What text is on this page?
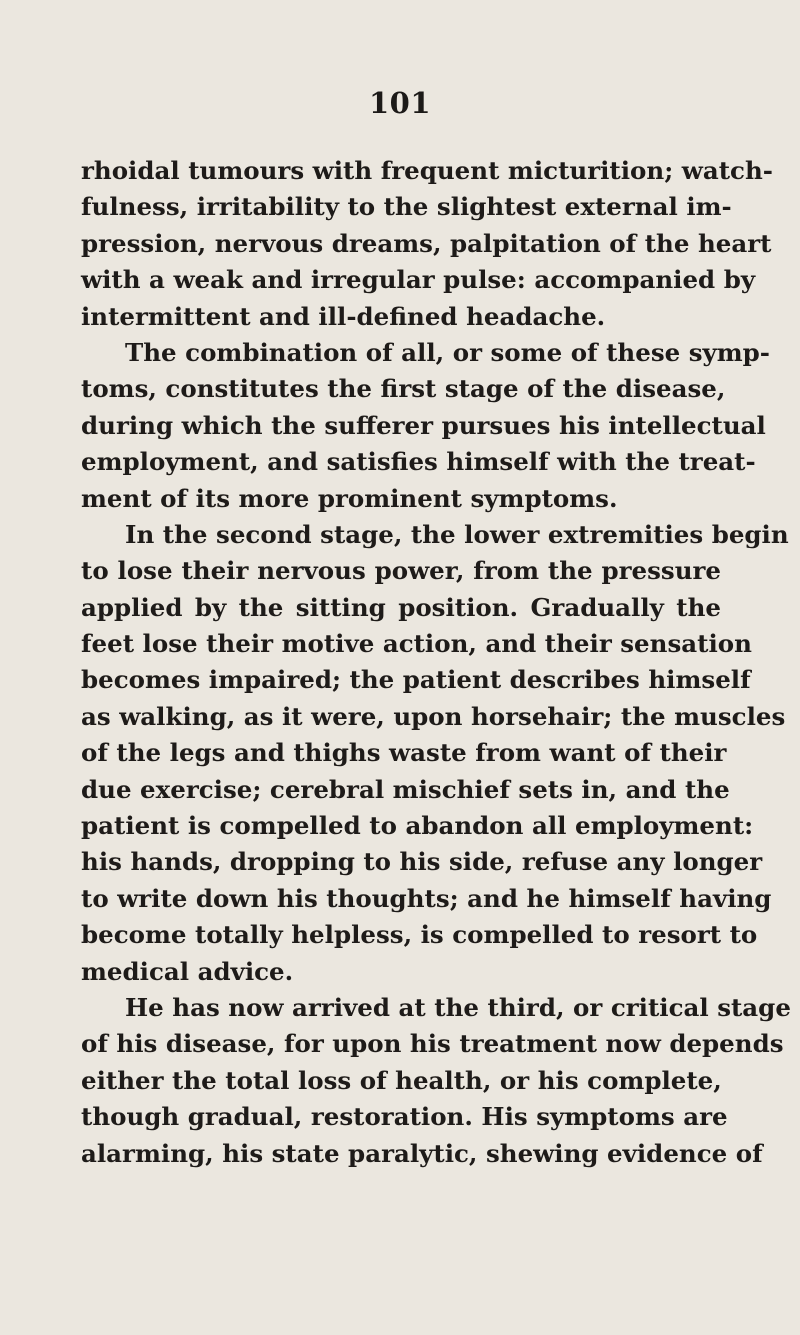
101
rhoidal tumours with frequent micturition; watch-
fulness, irritability to the slightest external im-
pression, nervous dreams, palpitation of the heart
with a weak and irregular pulse: accompanied by
intermittent and ill-defined headache.
The combination of all, or some of these symp-
toms, constitutes the first stage of the disease,
during which the sufferer pursues his intellectual
employment, and satisfies himself with the treat-
ment of its more prominent symptoms.
In the second stage, the lower extremities begin
to lose their nervous power, from the pressure
applied by the sitting position. Gradually the
feet lose their motive action, and their sensation
becomes impaired; the patient describes himself
as walking, as it were, upon horsehair; the muscles
of the legs and thighs waste from want of their
due exercise; cerebral mischief sets in, and the
patient is compelled to abandon all employment:
his hands, dropping to his side, refuse any longer
to write down his thoughts; and he himself having
become totally helpless, is compelled to resort to
medical advice.
He has now arrived at the third, or critical stage
of his disease, for upon his treatment now depends
either the total loss of health, or his complete,
though gradual, restoration. His symptoms are
alarming, his state paralytic, shewing evidence of
